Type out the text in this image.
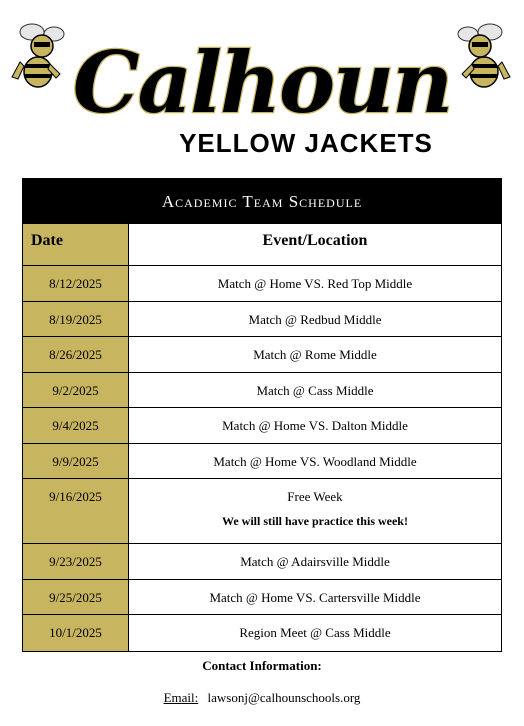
Calhoun
YELLOW JACKETS
Academic Team Schedule
Date	Event/Location
8/12/2025	Match @ Home VS. Red Top Middle
8/19/2025	Match @ Redbud Middle
8/26/2025	Match @ Rome Middle
9/2/2025	Match @ Cass Middle
9/4/2025	Match @ Home VS. Dalton Middle
9/9/2025	Match @ Home VS. Woodland Middle
9/16/2025	Free Week
We will still have practice this week!
9/23/2025	Match @ Adairsville Middle
9/25/2025	Match @ Home VS. Cartersville Middle
10/1/2025	Region Meet @ Cass Middle
Contact Information:
Email: lawsonj@calhounschools.org
